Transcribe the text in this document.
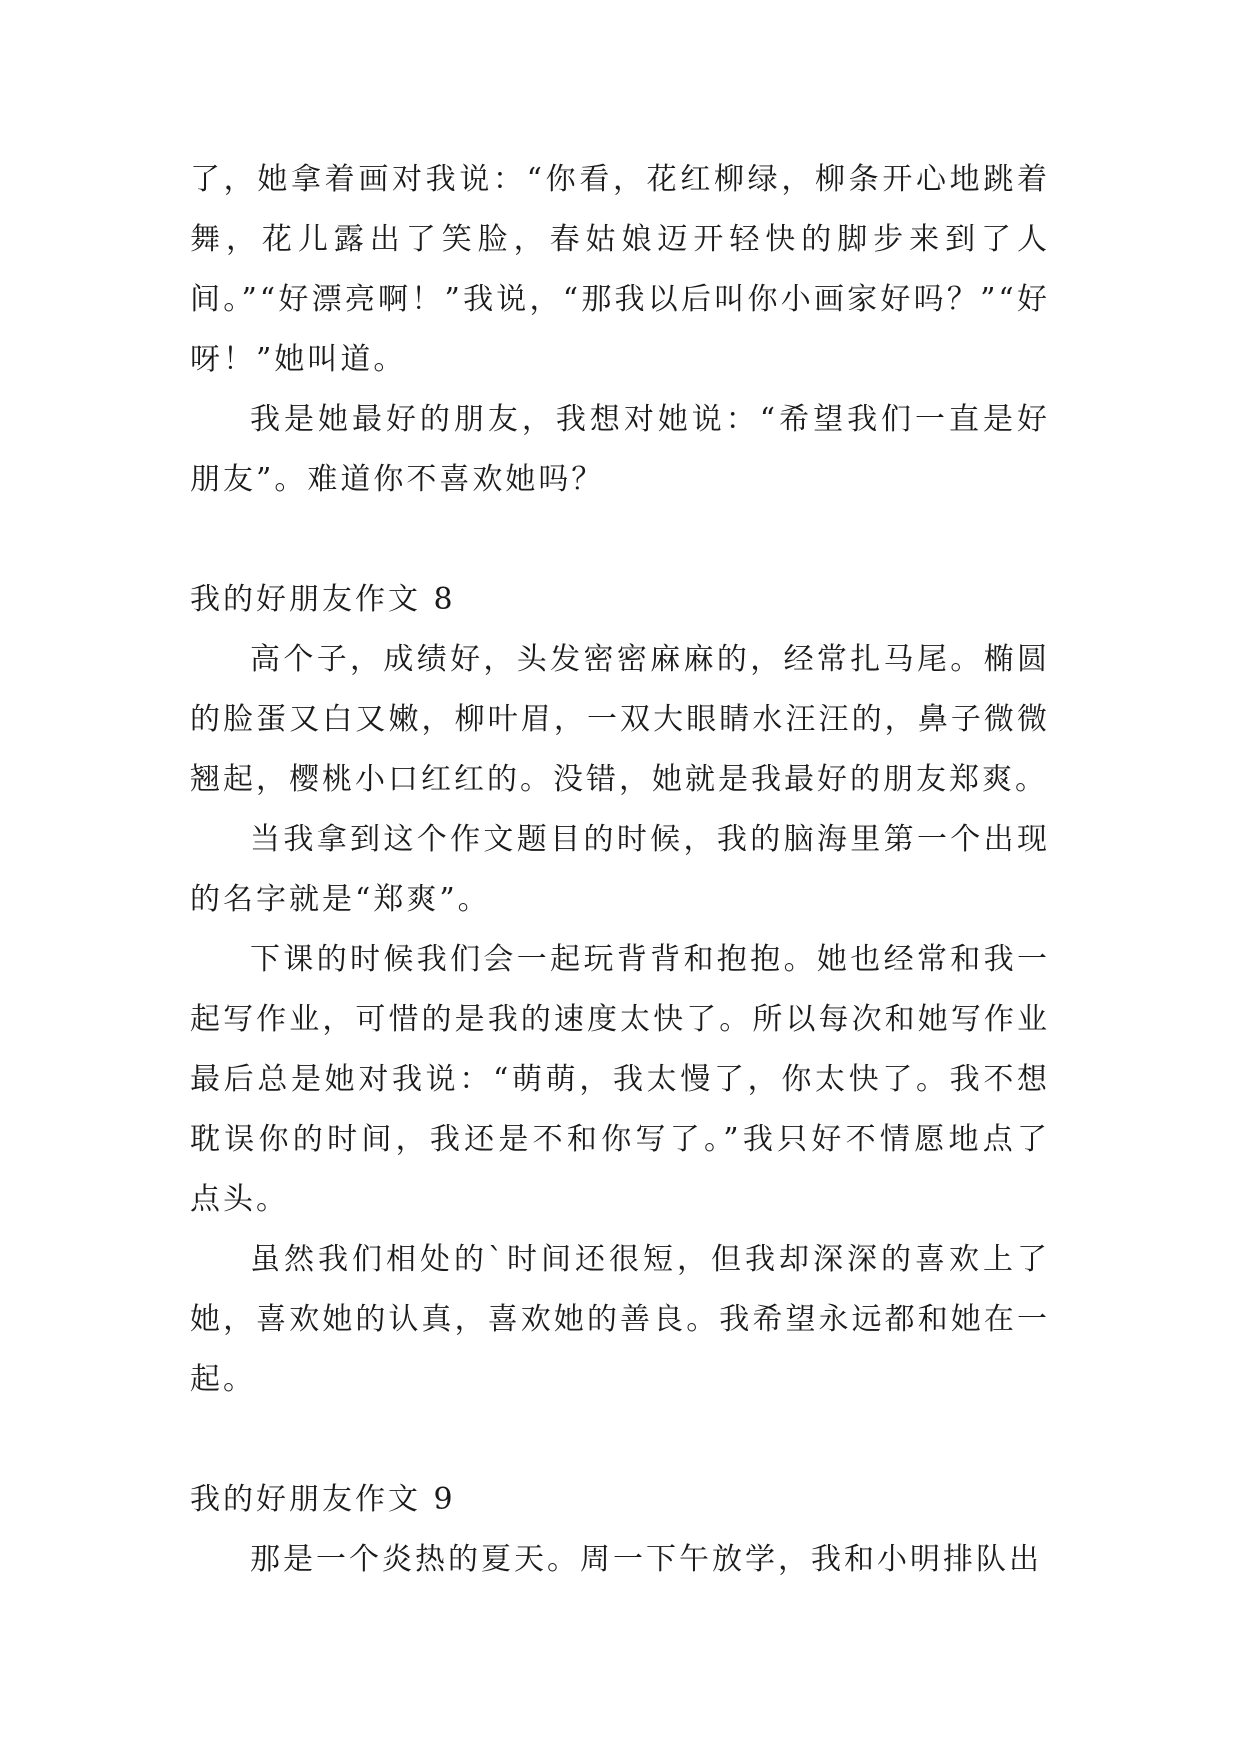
了，她拿着画对我说：“你看，花红柳绿，柳条开心地跳着舞，花儿露出了笑脸，春姑娘迈开轻快的脚步来到了人间。”“好漂亮啊！”我说，“那我以后叫你小画家好吗？”“好呀！”她叫道。

我是她最好的朋友，我想对她说：“希望我们一直是好朋友”。难道你不喜欢她吗？

我的好朋友作文 8

高个子，成绩好，头发密密麻麻的，经常扎马尾。椭圆的脸蛋又白又嫩，柳叶眉，一双大眼睛水汪汪的，鼻子微微翘起，樱桃小口红红的。没错，她就是我最好的朋友郑爽。

当我拿到这个作文题目的时候，我的脑海里第一个出现的名字就是“郑爽”。

下课的时候我们会一起玩背背和抱抱。她也经常和我一起写作业，可惜的是我的速度太快了。所以每次和她写作业最后总是她对我说：“萌萌，我太慢了，你太快了。我不想耽误你的时间，我还是不和你写了。”我只好不情愿地点了点头。

虽然我们相处的`时间还很短，但我却深深的喜欢上了她，喜欢她的认真，喜欢她的善良。我希望永远都和她在一起。

我的好朋友作文 9

那是一个炎热的夏天。周一下午放学，我和小明排队出
